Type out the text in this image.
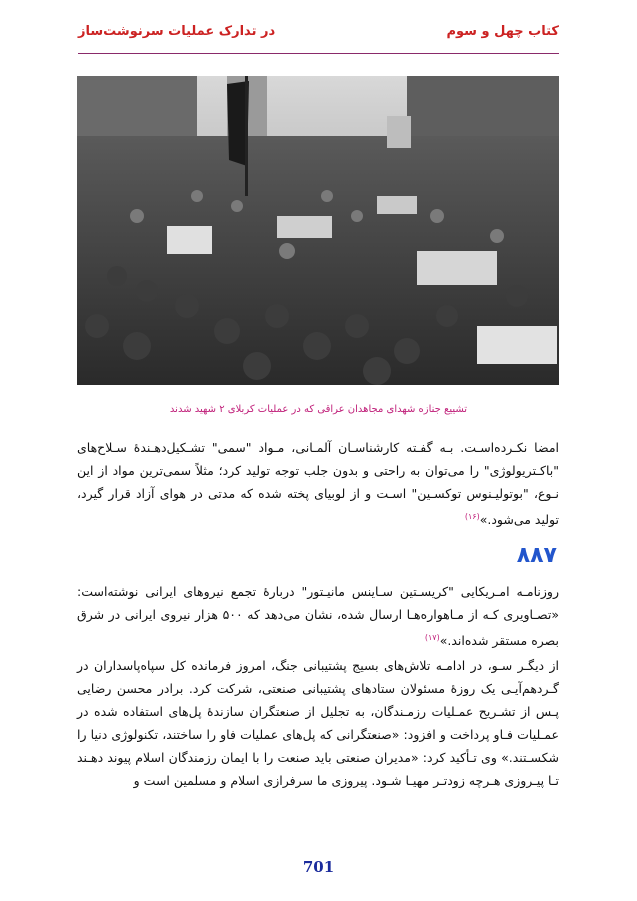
کتاب چهل و سوم
در تدارک عملیات سرنوشت‌ساز
تشییع جنازه شهدای مجاهدان عراقی که در عملیات کربلای ۲ شهید شدند

امضا نکـرده‌اسـت. بـه گفـته کارشناسـان آلمـانی، مـواد "سمی" تشـکیل‌دهـندهٔ سـلاح‌های "باکـتریولوژی" را می‌توان به راحتی و بدون جلب توجه تولید کرد؛ مثلاً سمی‌ترین مواد از این نـوع، "بوتولیـنوس توکسـین" اسـت و از لوبیای پخته شده که مدتی در هوای آزاد قرار گیرد، تولید می‌شود.»$^{(۱۶)}$

۸۸۷

روزنامـه امـریکایی "کریسـتین سـاینس مانیـتور" دربارهٔ تجمع نیروهای ایرانی نوشته‌است: «تصـاویری کـه از مـاهواره‌هـا ارسال شده، نشان می‌دهد که ۵۰۰ هزار نیروی ایرانی در شرق بصره مستقر شده‌اند.»$^{(۱۷)}$

از دیگـر سـو، در ادامـه تلاش‌های بسیج پشتیبانی جنگ، امروز فرمانده کل سپاه‌پاسداران در گـردهم‌آیـی یک روزهٔ مسئولان ستادهای پشتیبانی صنعتی، شرکت کرد. برادر محسن رضایی پـس از تشـریح عمـلیات رزمـندگان، به تجلیل از صنعتگران سازندهٔ پل‌های استفاده شده در عمـلیات فـاو پرداخت و افزود: «صنعتگرانی که پل‌های عملیات فاو را ساختند، تکنولوژی دنیا را شکسـتند.» وی تـأکید کرد: «مدیران صنعتی باید صنعت را با ایمان رزمندگان اسلام پیوند دهـند تـا پیـروزی هـرچه زودتـر مهیـا شـود. پیروزی ما سرفرازی اسلام و مسلمین است و

701
